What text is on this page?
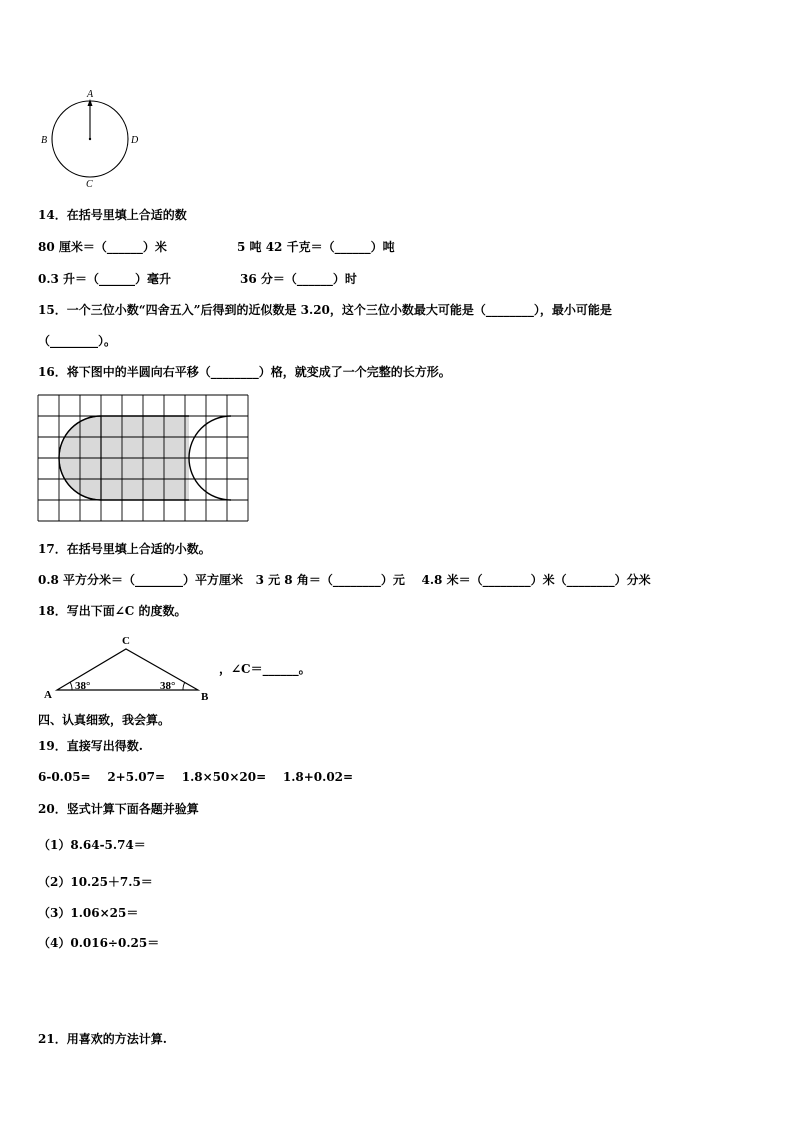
A
B
C
D
14．在括号里填上合适的数
80 厘米＝（______）米	5 吨 42 千克＝（______）吨
0.3 升＝（______）毫升	36 分＝（______）时
15．一个三位小数“四舍五入”后得到的近似数是 3.20，这个三位小数最大可能是（________），最小可能是
（________）。
16．将下图中的半圆向右平移（________）格，就变成了一个完整的长方形。
17．在括号里填上合适的小数。
0.8 平方分米＝（________）平方厘米   3 元 8 角＝（________）元    4.8 米＝（________）米（________）分米
18．写出下面∠C 的度数。
C
A	B
38°	38°
，∠C＝______。
四、认真细致，我会算。
19．直接写出得数.
6-0.05=    2+5.07=    1.8×50×20=    1.8+0.02=
20．竖式计算下面各题并验算
（1）8.64-5.74＝
（2）10.25＋7.5＝
（3）1.06×25＝
（4）0.016÷0.25＝
21．用喜欢的方法计算.
